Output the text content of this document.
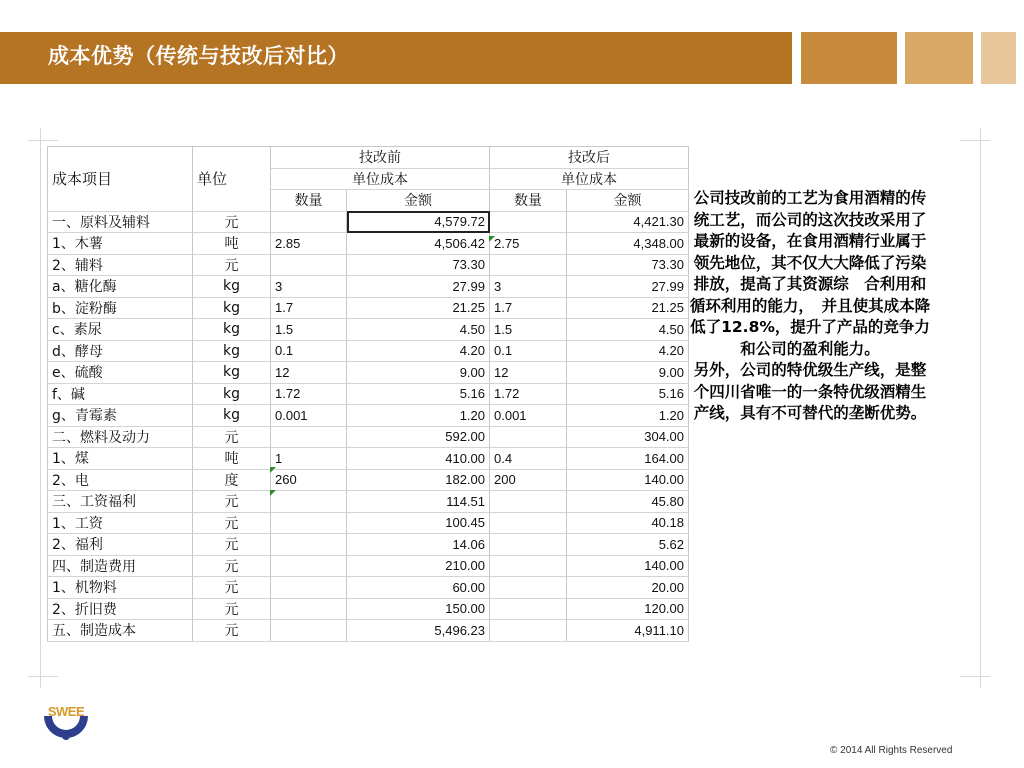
成本优势（传统与技改后对比）
成本项目	单位	技改前		技改后	
		单位成本		单位成本	
		数量	金额	数量	金额
一、原料及辅料	元		4,579.72		4,421.30
1、木薯	吨	2.85	4,506.42	2.75	4,348.00
2、辅料	元		73.30		73.30
a、糖化酶	kg	3	27.99	3	27.99
b、淀粉酶	kg	1.7	21.25	1.7	21.25
c、素尿	kg	1.5	4.50	1.5	4.50
d、酵母	kg	0.1	4.20	0.1	4.20
e、硫酸	kg	12	9.00	12	9.00
f、碱	kg	1.72	5.16	1.72	5.16
g、青霉素	kg	0.001	1.20	0.001	1.20
二、燃料及动力	元		592.00		304.00
1、煤	吨	1	410.00	0.4	164.00
2、电	度	260	182.00	200	140.00
三、工资福利	元		114.51		45.80
1、工资	元		100.45		40.18
2、福利	元		14.06		5.62
四、制造费用	元		210.00		140.00
1、机物料	元		60.00		20.00
2、折旧费	元		150.00		120.00
五、制造成本	元		5,496.23		4,911.10

公司技改前的工艺为食用酒精的传统工艺，而公司的这次技改采用了最新的设备，在食用酒精行业属于领先地位，其不仅大大降低了污染排放，提高了其资源综　合利用和循环利用的能力，　并且使其成本降低了12.8%，提升了产品的竞争力和公司的盈利能力。

另外，公司的特优级生产线，是整个四川省唯一的一条特优级酒精生产线，具有不可替代的垄断优势。

SWEE
© 2014 All Rights Reserved
